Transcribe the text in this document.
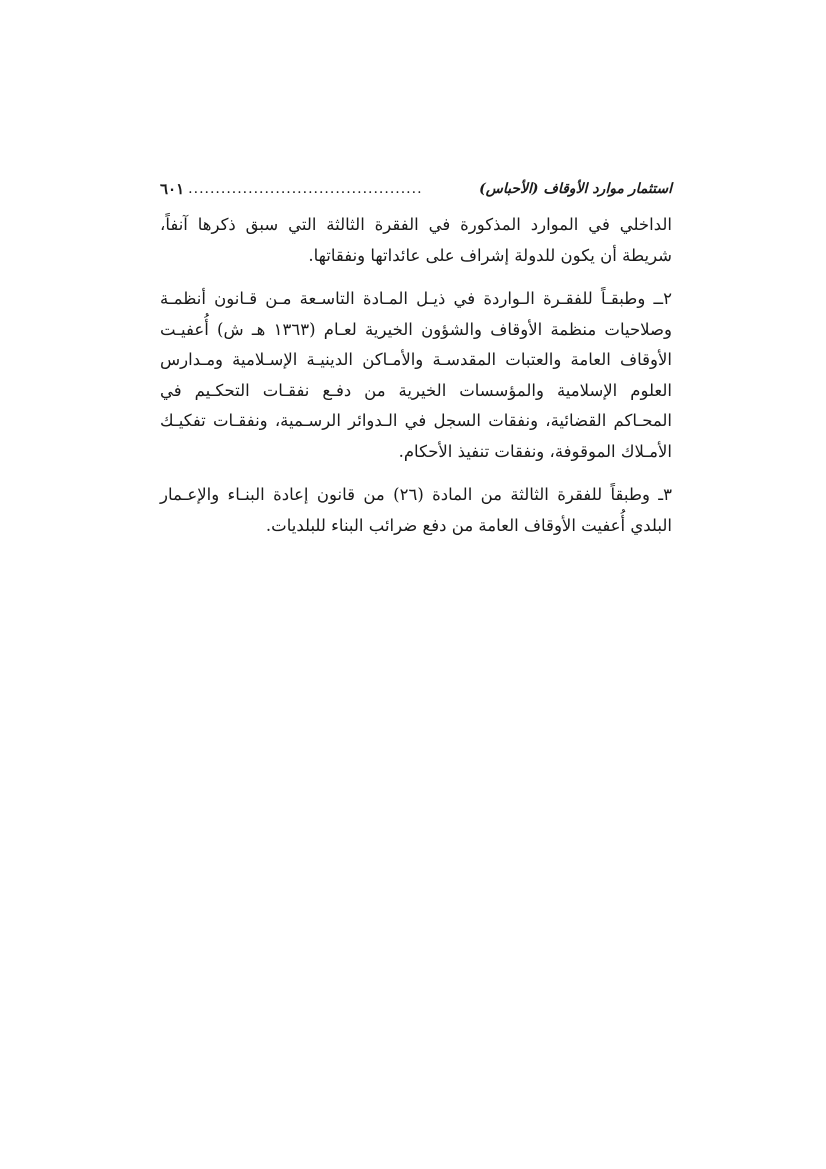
استثمار موارد الأوقاف (الأحباس)
...........................................
٦٠١

الداخلي في الموارد المذكورة في الفقرة الثالثة التي سبق ذكرها آنفاً، شريطة أن يكون للدولة إشراف على عائداتها ونفقاتها.

٢ــ وطبقـاً للفقـرة الـواردة في ذيـل المـادة التاسـعة مـن قـانون أنظمـة وصلاحيات منظمة الأوقاف والشؤون الخيرية لعـام (١٣٦٣ هـ ش) أُعفيـت الأوقاف العامة والعتبات المقدسـة والأمـاكن الدينيـة الإسـلامية ومـدارس العلوم الإسلامية والمؤسسات الخيرية من دفـع نفقـات التحكـيم في المحـاكم القضائية، ونفقات السجل في الـدوائر الرسـمية، ونفقـات تفكيـك الأمـلاك الموقوفة، ونفقات تنفيذ الأحكام.

٣ـ وطبقاً للفقرة الثالثة من المادة (٢٦) من قانون إعادة البنـاء والإعـمار البلدي أُعفيت الأوقاف العامة من دفع ضرائب البناء للبلديات.
